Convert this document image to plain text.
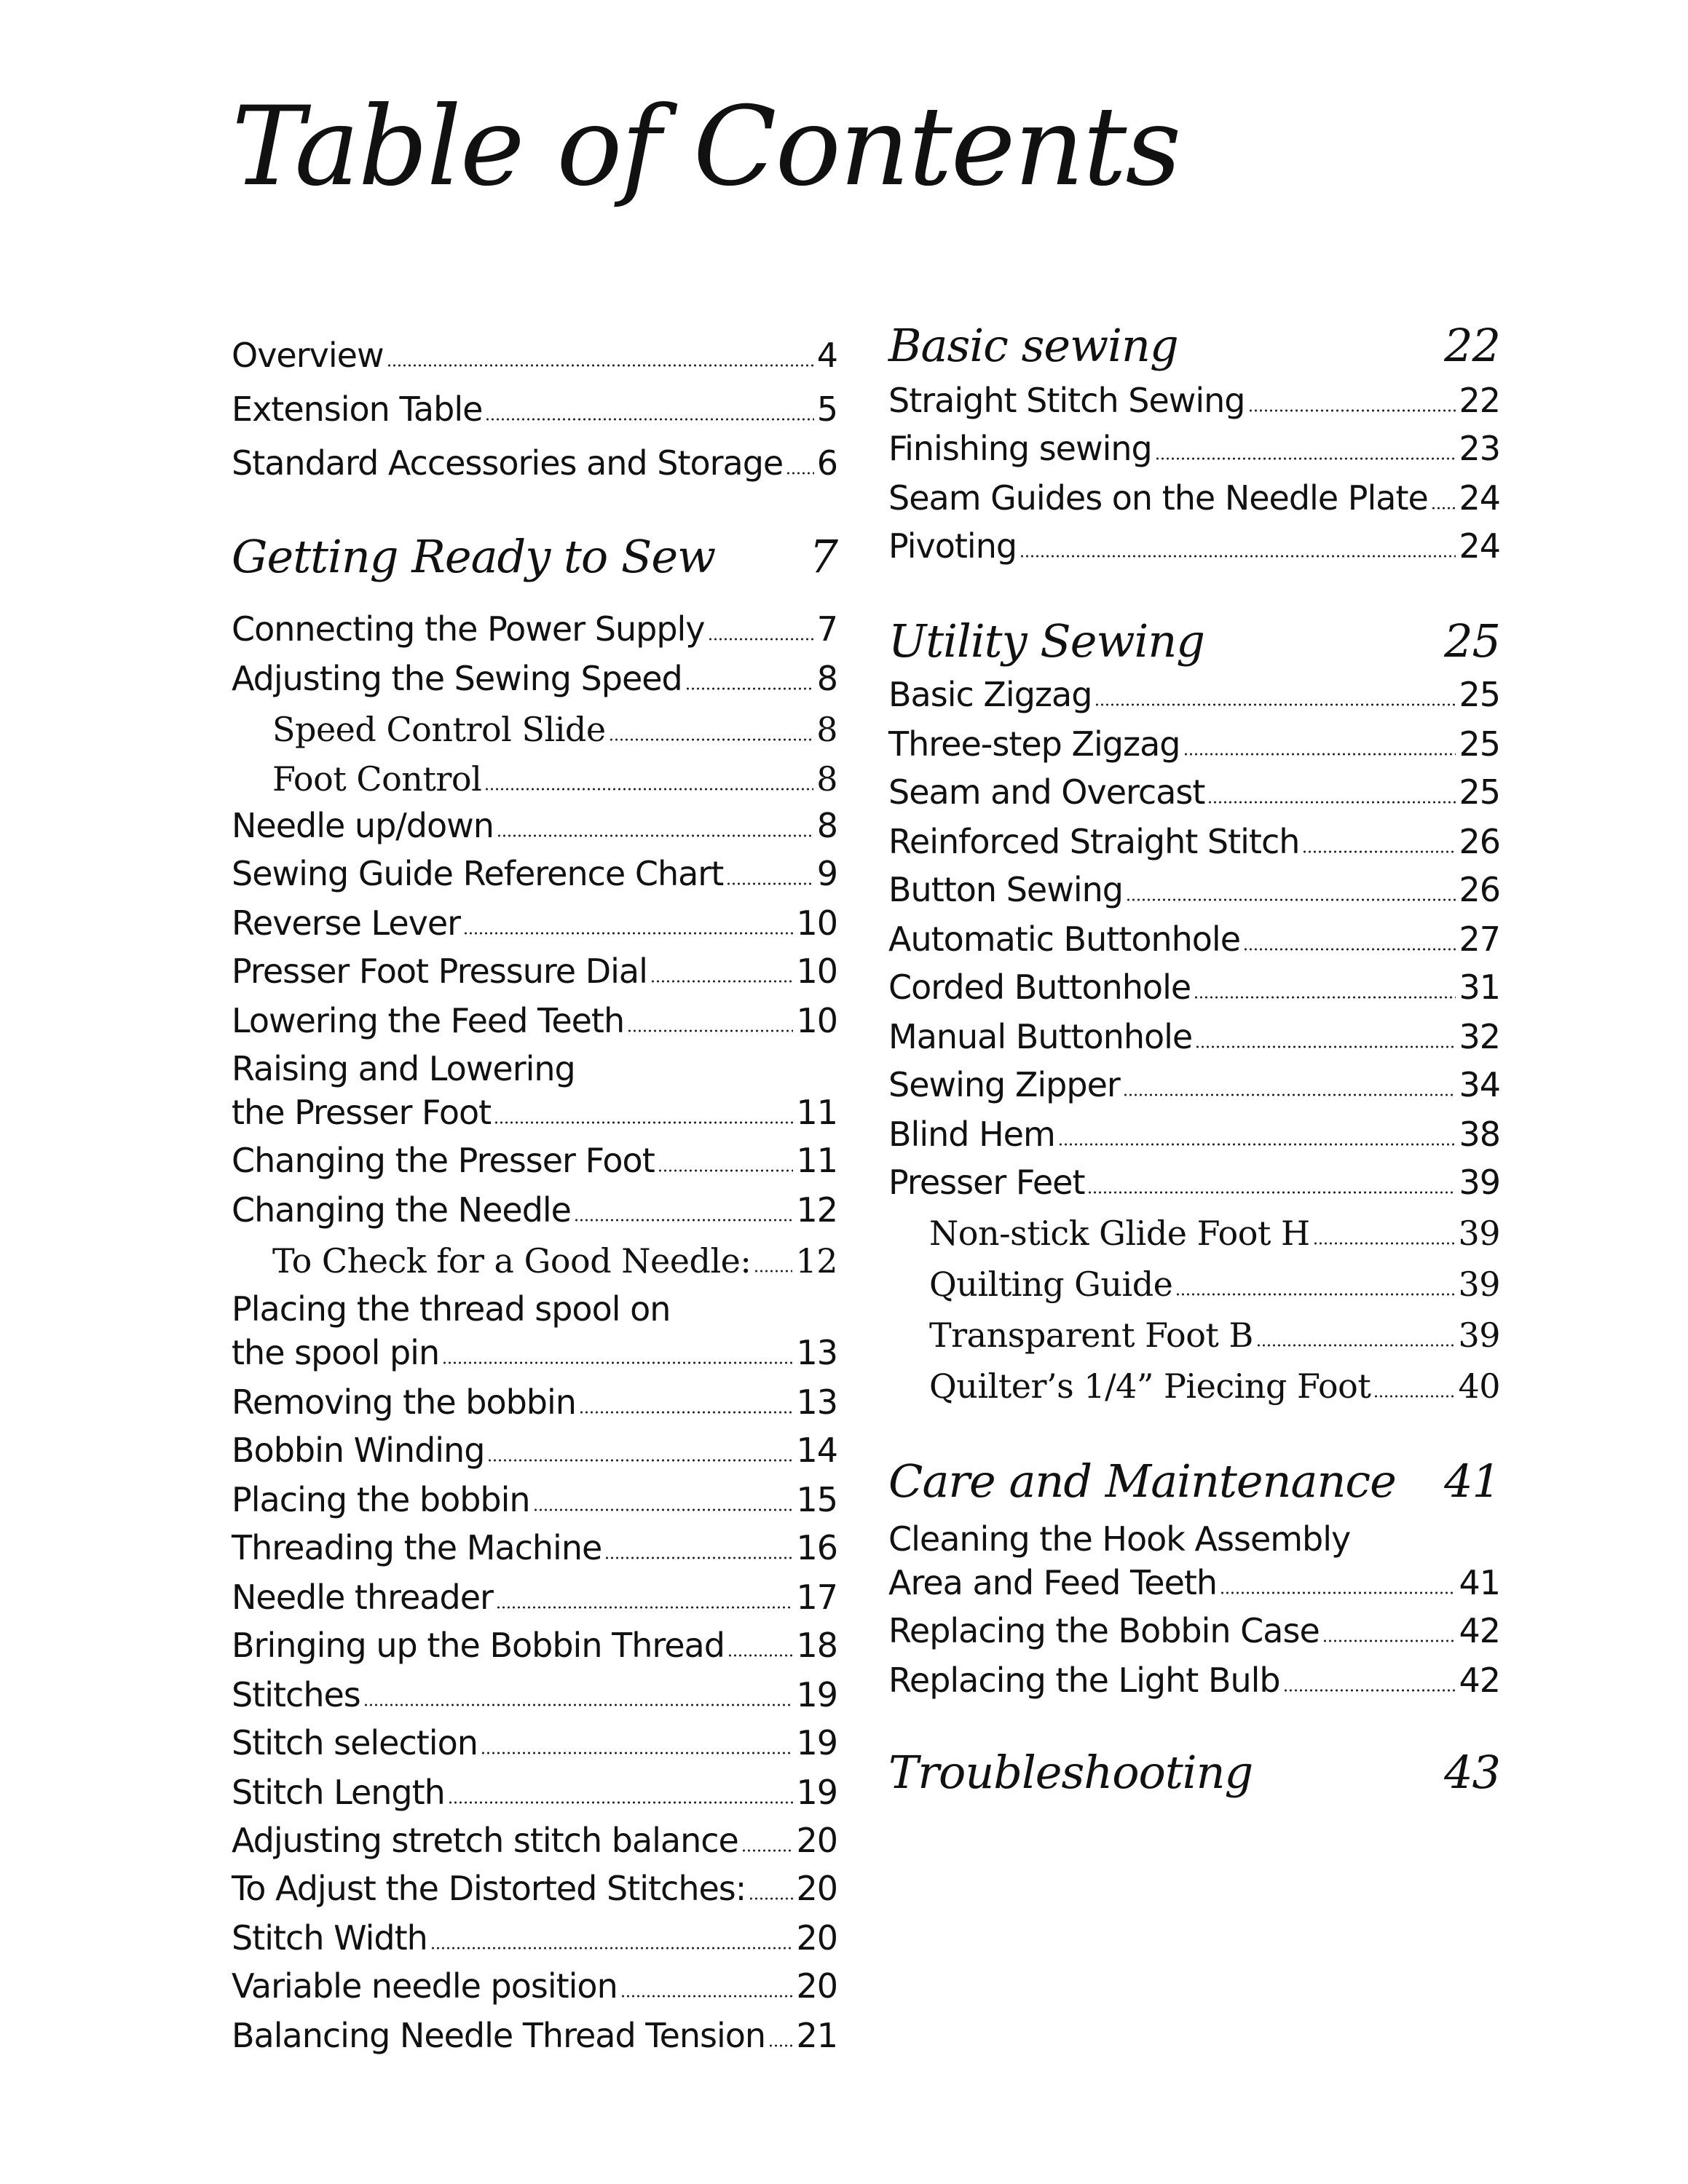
Table of Contents
Overview	4
Extension Table	5
Standard Accessories and Storage 6
Getting Ready to Sew 7
Connecting the Power Supply	7
Adjusting the Sewing Speed	8
Speed Control Slide	8
Foot Control	8
Needle up/down	8
Sewing Guide Reference Chart	9
Reverse Lever	10
Presser Foot Pressure Dial	10
Lowering the Feed Teeth	10
Raising and Lowering
the Presser Foot	11
Changing the Presser Foot	11
Changing the Needle	12
To Check for a Good Needle: 12
Placing the thread spool on
the spool pin	13
Removing the bobbin	13
Bobbin Winding	14
Placing the bobbin	15
Threading the Machine	16
Needle threader	17
Bringing up the Bobbin Thread 18
Stitches	19
Stitch selection	19
Stitch Length	19
Adjusting stretch stitch balance 20
To Adjust the Distorted Stitches: 20
Stitch Width	20
Variable needle position	20
Balancing Needle Thread Tension 21
Basic sewing	22
Straight Stitch Sewing	22
Finishing sewing	23
Seam Guides on the Needle Plate 24
Pivoting	24
Utility Sewing	25
Basic Zigzag	25
Three-step Zigzag	25
Seam and Overcast	25
Reinforced Straight Stitch	26
Button Sewing	26
Automatic Buttonhole	27
Corded Buttonhole	31
Manual Buttonhole	32
Sewing Zipper	34
Blind Hem	38
Presser Feet	39
Non-stick Glide Foot H	39
Quilting Guide	39
Transparent Foot B	39
Quilter’s 1/4” Piecing Foot	40
Care and Maintenance 41
Cleaning the Hook Assembly
Area and Feed Teeth	41
Replacing the Bobbin Case	42
Replacing the Light Bulb	42
Troubleshooting	43
